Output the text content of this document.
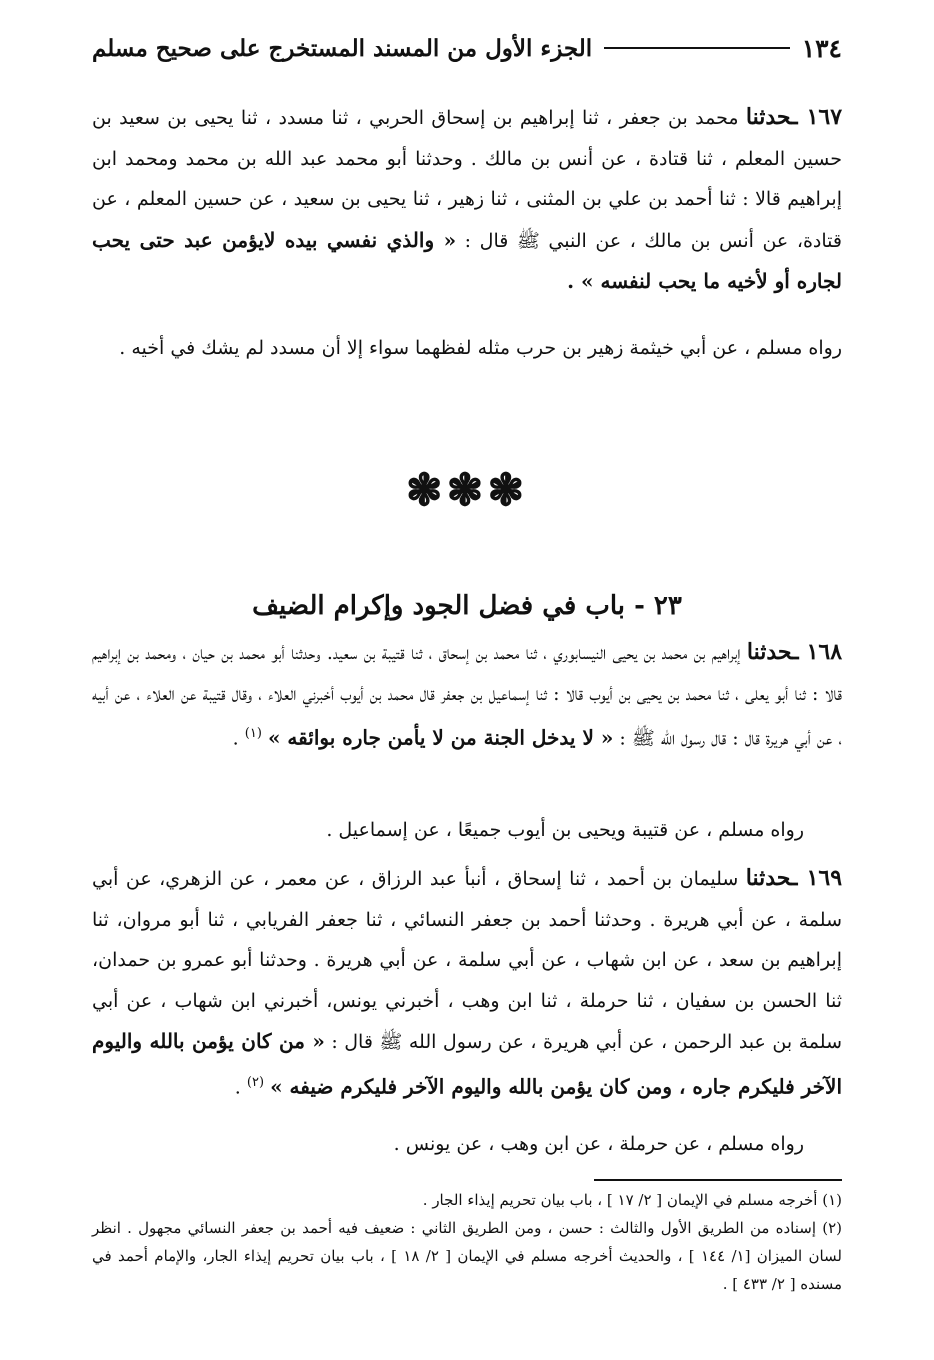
١٣٤
الجزء الأول من المسند المستخرج على صحيح مسلم

١٦٧ ـحدثنا محمد بن جعفر ، ثنا إبراهيم بن إسحاق الحربي ، ثنا مسدد ، ثنا يحيى بن سعيد بن حسين المعلم ، ثنا قتادة ، عن أنس بن مالك . وحدثنا أبو محمد عبد الله بن محمد ومحمد ابن إبراهيم قالا : ثنا أحمد بن علي بن المثنى ، ثنا زهير ، ثنا يحيى بن سعيد ، عن حسين المعلم ، عن قتادة، عن أنس بن مالك ، عن النبي ﷺ قال : « والذي نفسي بيده لايؤمن عبد حتى يحب لجاره أو لأخيه ما يحب لنفسه » .

رواه مسلم ، عن أبي خيثمة زهير بن حرب مثله لفظهما سواء إلا أن مسدد لم يشك في أخيه .

❃❃❃
٢٣ - باب في فضل الجود وإكرام الضيف

١٦٨ ـحدثنا إبراهيم بن محمد بن يحيى النيسابوري ، ثنا محمد بن إسحاق ، ثنا قتيبة بن سعيد. وحدثنا أبو محمد بن حيان ، ومحمد بن إبراهيم قالا : ثنا أبو يعلى ، ثنا محمد بن يحيى بن أيوب قالا : ثنا إسماعيل بن جعفر قال محمد بن أيوب أخبرني العلاء ، وقال قتيبة عن العلاء ، عن أبيه ، عن أبي هريرة قال : قال رسول الله ﷺ : « لا يدخل الجنة من لا يأمن جاره بوائقه » $^{(١)}$ .

رواه مسلم ، عن قتيبة ويحيى بن أيوب جميعًا ، عن إسماعيل .

١٦٩ ـحدثنا سليمان بن أحمد ، ثنا إسحاق ، أنبأ عبد الرزاق ، عن معمر ، عن الزهري، عن أبي سلمة ، عن أبي هريرة . وحدثنا أحمد بن جعفر النسائي ، ثنا جعفر الفريابي ، ثنا أبو مروان، ثنا إبراهيم بن سعد ، عن ابن شهاب ، عن أبي سلمة ، عن أبي هريرة . وحدثنا أبو عمرو بن حمدان، ثنا الحسن بن سفيان ، ثنا حرملة ، ثنا ابن وهب ، أخبرني يونس، أخبرني ابن شهاب ، عن أبي سلمة بن عبد الرحمن ، عن أبي هريرة ، عن رسول الله ﷺ قال : « من كان يؤمن بالله واليوم الآخر فليكرم جاره ، ومن كان يؤمن بالله واليوم الآخر فليكرم ضيفه » $^{(٢)}$ .

رواه مسلم ، عن حرملة ، عن ابن وهب ، عن يونس .

(١) أخرجه مسلم في الإيمان [ ٢/ ١٧ ] ، باب بيان تحريم إيذاء الجار .

(٢) إسناده من الطريق الأول والثالث : حسن ، ومن الطريق الثاني : ضعيف فيه أحمد بن جعفر النسائي مجهول . انظر لسان الميزان [١/ ١٤٤ ] ، والحديث أخرجه مسلم في الإيمان [ ٢/ ١٨ ] ، باب بيان تحريم إيذاء الجار، والإمام أحمد في مسنده [ ٢/ ٤٣٣ ] .
